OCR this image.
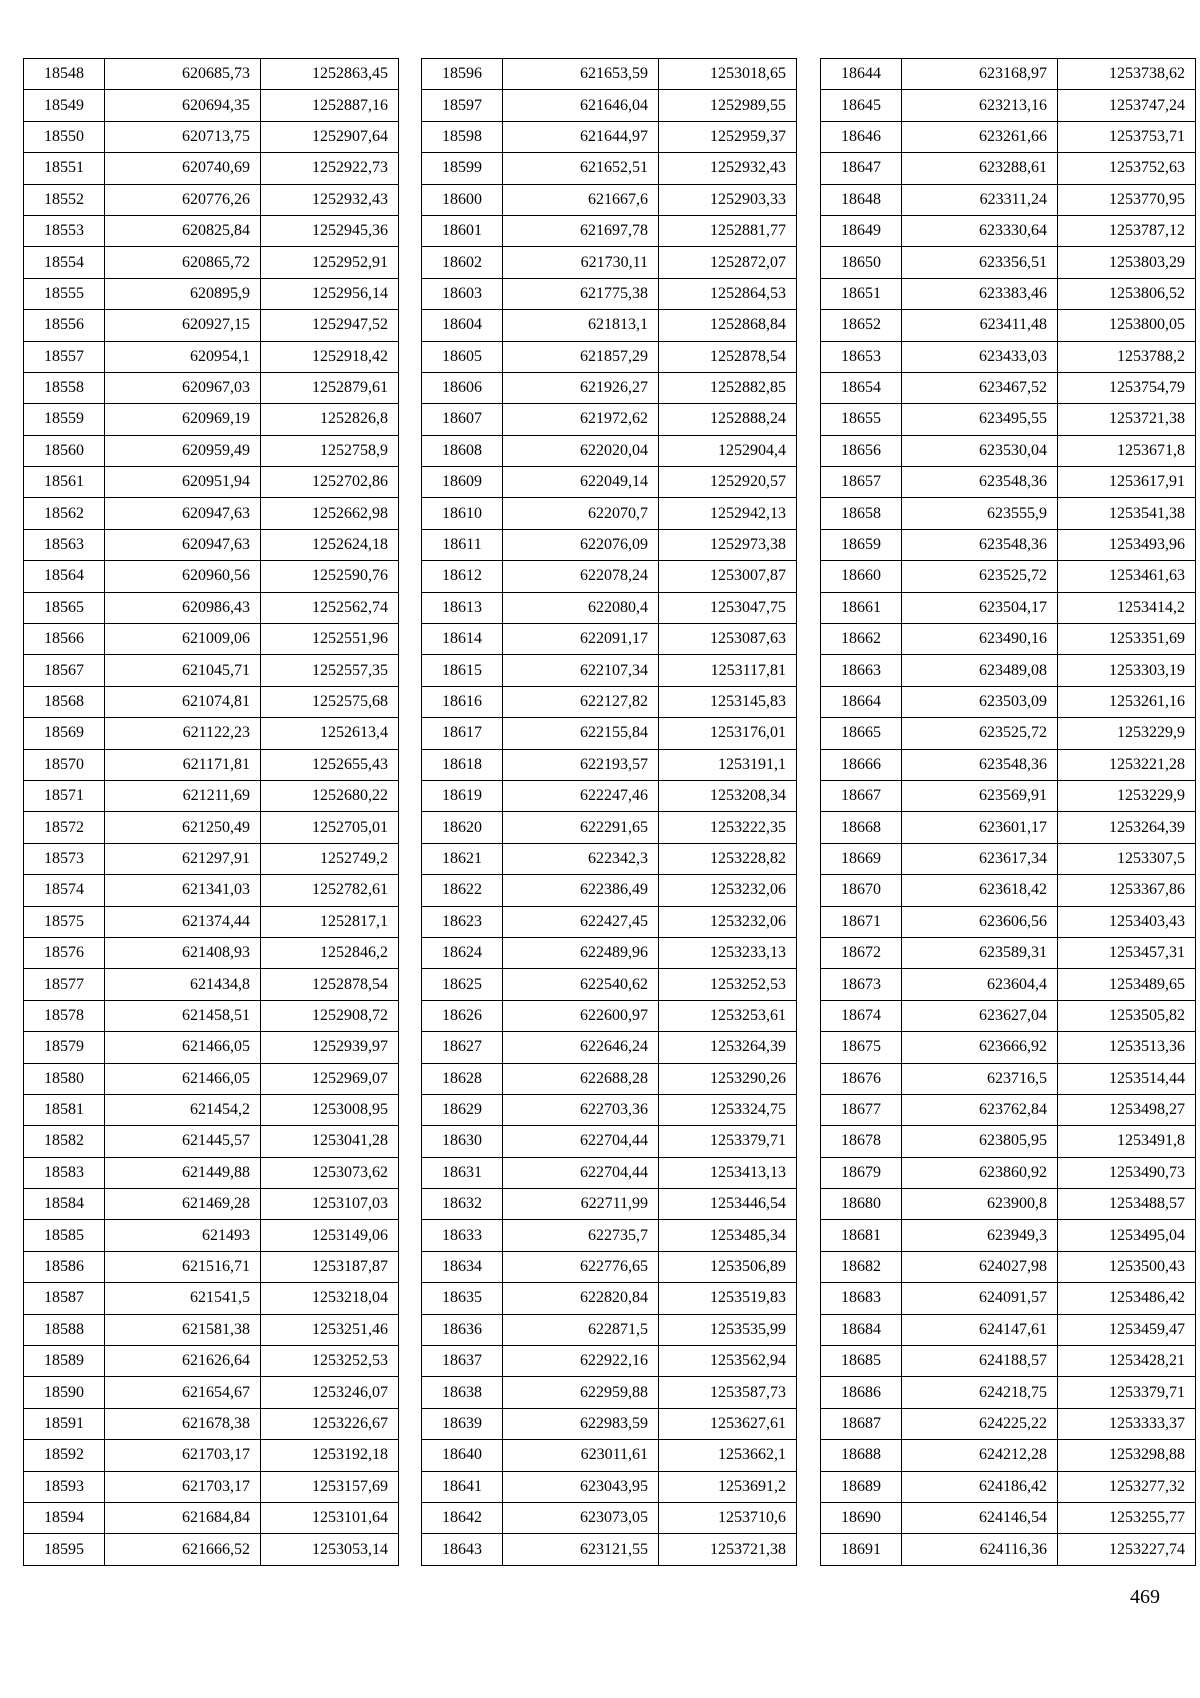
18548	620685,73	1252863,45
18549	620694,35	1252887,16
18550	620713,75	1252907,64
18551	620740,69	1252922,73
18552	620776,26	1252932,43
18553	620825,84	1252945,36
18554	620865,72	1252952,91
18555	620895,9	1252956,14
18556	620927,15	1252947,52
18557	620954,1	1252918,42
18558	620967,03	1252879,61
18559	620969,19	1252826,8
18560	620959,49	1252758,9
18561	620951,94	1252702,86
18562	620947,63	1252662,98
18563	620947,63	1252624,18
18564	620960,56	1252590,76
18565	620986,43	1252562,74
18566	621009,06	1252551,96
18567	621045,71	1252557,35
18568	621074,81	1252575,68
18569	621122,23	1252613,4
18570	621171,81	1252655,43
18571	621211,69	1252680,22
18572	621250,49	1252705,01
18573	621297,91	1252749,2
18574	621341,03	1252782,61
18575	621374,44	1252817,1
18576	621408,93	1252846,2
18577	621434,8	1252878,54
18578	621458,51	1252908,72
18579	621466,05	1252939,97
18580	621466,05	1252969,07
18581	621454,2	1253008,95
18582	621445,57	1253041,28
18583	621449,88	1253073,62
18584	621469,28	1253107,03
18585	621493	1253149,06
18586	621516,71	1253187,87
18587	621541,5	1253218,04
18588	621581,38	1253251,46
18589	621626,64	1253252,53
18590	621654,67	1253246,07
18591	621678,38	1253226,67
18592	621703,17	1253192,18
18593	621703,17	1253157,69
18594	621684,84	1253101,64
18595	621666,52	1253053,14
18596	621653,59	1253018,65
18597	621646,04	1252989,55
18598	621644,97	1252959,37
18599	621652,51	1252932,43
18600	621667,6	1252903,33
18601	621697,78	1252881,77
18602	621730,11	1252872,07
18603	621775,38	1252864,53
18604	621813,1	1252868,84
18605	621857,29	1252878,54
18606	621926,27	1252882,85
18607	621972,62	1252888,24
18608	622020,04	1252904,4
18609	622049,14	1252920,57
18610	622070,7	1252942,13
18611	622076,09	1252973,38
18612	622078,24	1253007,87
18613	622080,4	1253047,75
18614	622091,17	1253087,63
18615	622107,34	1253117,81
18616	622127,82	1253145,83
18617	622155,84	1253176,01
18618	622193,57	1253191,1
18619	622247,46	1253208,34
18620	622291,65	1253222,35
18621	622342,3	1253228,82
18622	622386,49	1253232,06
18623	622427,45	1253232,06
18624	622489,96	1253233,13
18625	622540,62	1253252,53
18626	622600,97	1253253,61
18627	622646,24	1253264,39
18628	622688,28	1253290,26
18629	622703,36	1253324,75
18630	622704,44	1253379,71
18631	622704,44	1253413,13
18632	622711,99	1253446,54
18633	622735,7	1253485,34
18634	622776,65	1253506,89
18635	622820,84	1253519,83
18636	622871,5	1253535,99
18637	622922,16	1253562,94
18638	622959,88	1253587,73
18639	622983,59	1253627,61
18640	623011,61	1253662,1
18641	623043,95	1253691,2
18642	623073,05	1253710,6
18643	623121,55	1253721,38
18644	623168,97	1253738,62
18645	623213,16	1253747,24
18646	623261,66	1253753,71
18647	623288,61	1253752,63
18648	623311,24	1253770,95
18649	623330,64	1253787,12
18650	623356,51	1253803,29
18651	623383,46	1253806,52
18652	623411,48	1253800,05
18653	623433,03	1253788,2
18654	623467,52	1253754,79
18655	623495,55	1253721,38
18656	623530,04	1253671,8
18657	623548,36	1253617,91
18658	623555,9	1253541,38
18659	623548,36	1253493,96
18660	623525,72	1253461,63
18661	623504,17	1253414,2
18662	623490,16	1253351,69
18663	623489,08	1253303,19
18664	623503,09	1253261,16
18665	623525,72	1253229,9
18666	623548,36	1253221,28
18667	623569,91	1253229,9
18668	623601,17	1253264,39
18669	623617,34	1253307,5
18670	623618,42	1253367,86
18671	623606,56	1253403,43
18672	623589,31	1253457,31
18673	623604,4	1253489,65
18674	623627,04	1253505,82
18675	623666,92	1253513,36
18676	623716,5	1253514,44
18677	623762,84	1253498,27
18678	623805,95	1253491,8
18679	623860,92	1253490,73
18680	623900,8	1253488,57
18681	623949,3	1253495,04
18682	624027,98	1253500,43
18683	624091,57	1253486,42
18684	624147,61	1253459,47
18685	624188,57	1253428,21
18686	624218,75	1253379,71
18687	624225,22	1253333,37
18688	624212,28	1253298,88
18689	624186,42	1253277,32
18690	624146,54	1253255,77
18691	624116,36	1253227,74
469
